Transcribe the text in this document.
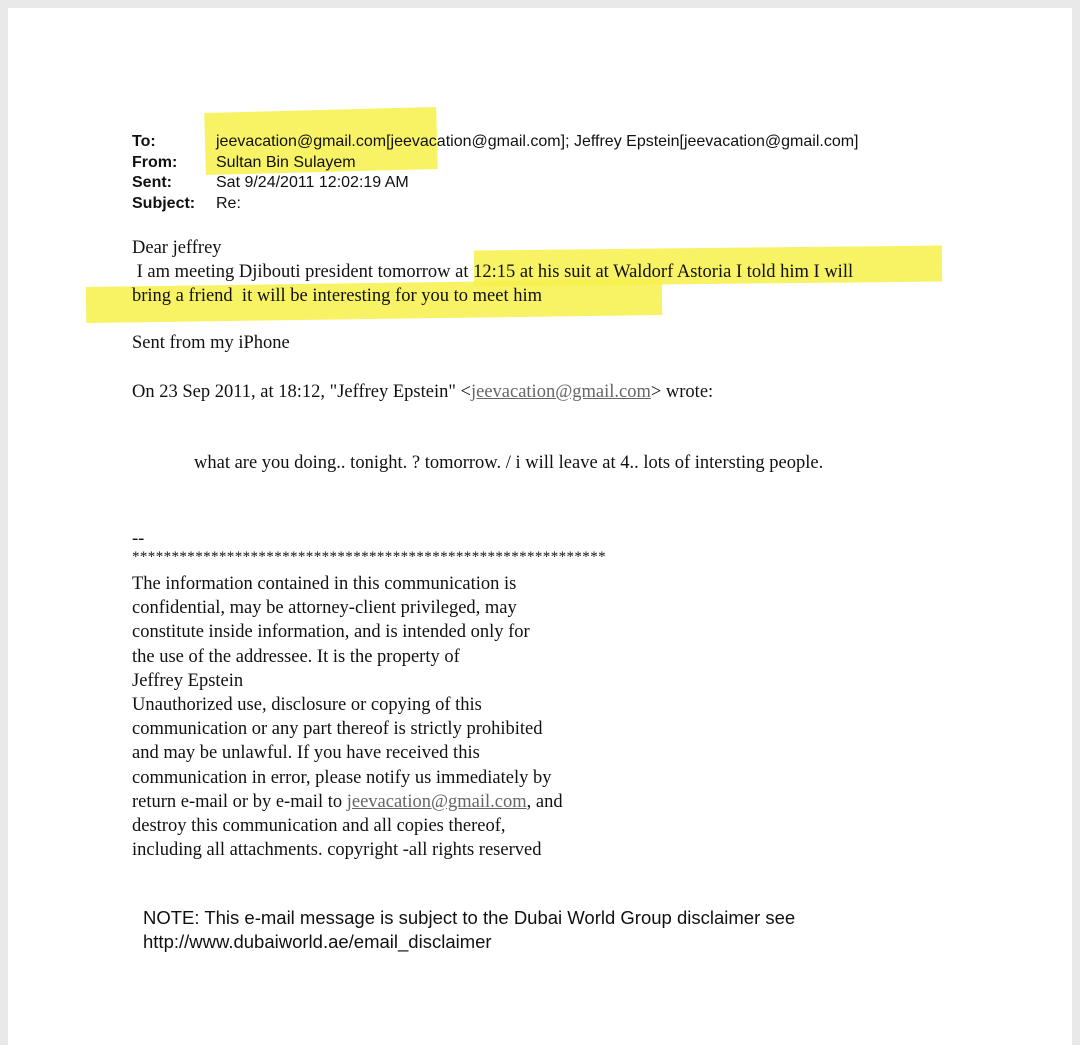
To:	jeevacation@gmail.com[jeevacation@gmail.com]; Jeffrey Epstein[jeevacation@gmail.com]
From:	Sultan Bin Sulayem
Sent:	Sat 9/24/2011 12:02:19 AM
Subject:	Re:
Dear jeffrey
I am meeting Djibouti president tomorrow at 12:15 at his suit at Waldorf Astoria I told him I will
bring a friend  it will be interesting for you to meet him
Sent from my iPhone
On 23 Sep 2011, at 18:12, "Jeffrey Epstein" <jeevacation@gmail.com> wrote:
what are you doing.. tonight. ? tomorrow. / i will leave at 4.. lots of intersting people.
--
************************************************************
The information contained in this communication is
confidential, may be attorney-client privileged, may
constitute inside information, and is intended only for
the use of the addressee. It is the property of
Jeffrey Epstein
Unauthorized use, disclosure or copying of this
communication or any part thereof is strictly prohibited
and may be unlawful. If you have received this
communication in error, please notify us immediately by
return e-mail or by e-mail to jeevacation@gmail.com, and
destroy this communication and all copies thereof,
including all attachments. copyright -all rights reserved
NOTE: This e-mail message is subject to the Dubai World Group disclaimer see
http://www.dubaiworld.ae/email_disclaimer
